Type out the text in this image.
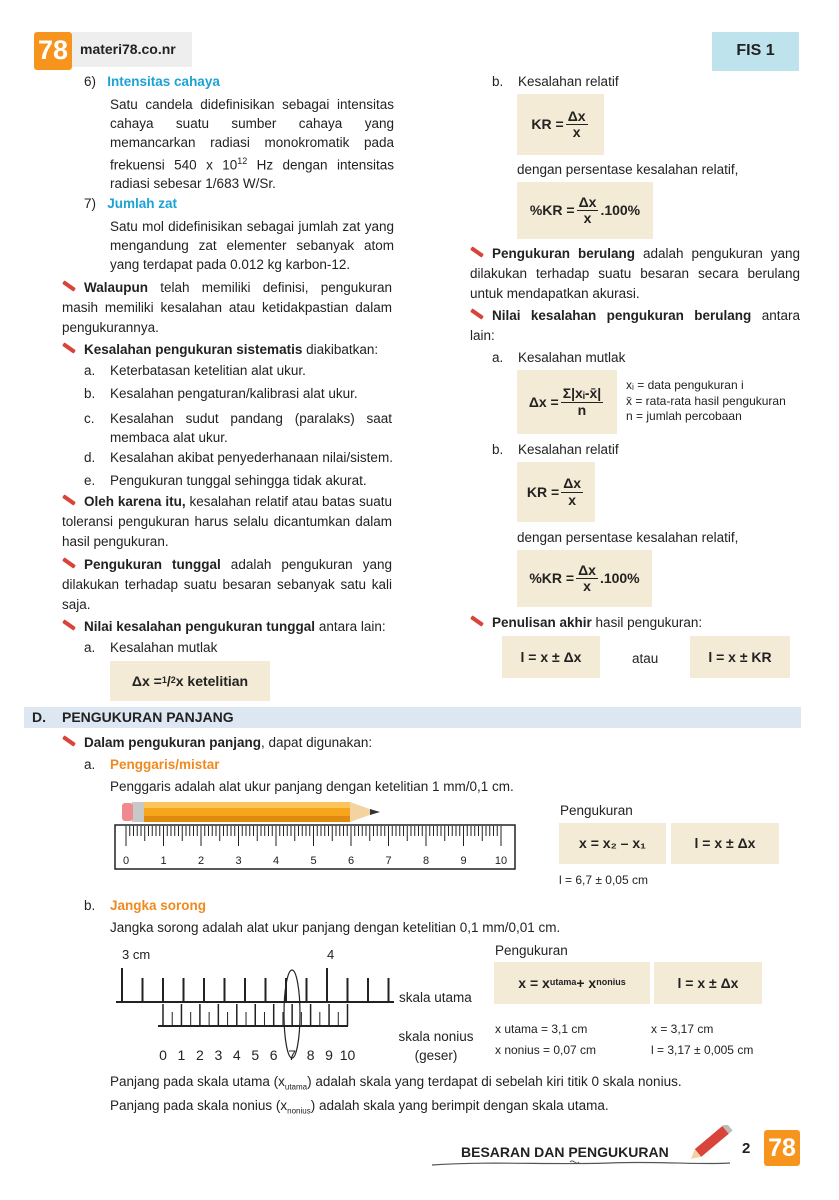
78 materi78.co.nr	FIS 1
6) Intensitas cahaya
Satu candela didefinisikan sebagai intensitas cahaya suatu sumber cahaya yang memancarkan radiasi monokromatik pada frekuensi 540 x $10^{12}$ Hz dengan intensitas radiasi sebesar 1/683 W/Sr.
7) Jumlah zat
Satu mol didefinisikan sebagai jumlah zat yang mengandung zat elementer sebanyak atom yang terdapat pada 0.012 kg karbon-12.
Walaupun telah memiliki definisi, pengukuran masih memiliki kesalahan atau ketidakpastian dalam pengukurannya.
Kesalahan pengukuran sistematis diakibatkan:
a.	Keterbatasan ketelitian alat ukur.
b.	Kesalahan pengaturan/kalibrasi alat ukur.
c.	Kesalahan sudut pandang (paralaks) saat membaca alat ukur.
d.	Kesalahan akibat penyederhanaan nilai/sistem.
e.	Pengukuran tunggal sehingga tidak akurat.
Oleh karena itu, kesalahan relatif atau batas suatu toleransi pengukuran harus selalu dicantumkan dalam hasil pengukuran.
Pengukuran tunggal adalah pengukuran yang dilakukan terhadap suatu besaran sebanyak satu kali saja.
Nilai kesalahan pengukuran tunggal antara lain:
a.	Kesalahan mutlak
Δx = 1 / 2 x ketelitian
b.	Kesalahan relatif
KR = $\frac{\Delta x}{x}$
dengan persentase kesalahan relatif,
$\%KR = \frac{\Delta x}{x} .100\%$
Pengukuran berulang adalah pengukuran yang dilakukan terhadap suatu besaran secara berulang untuk mendapatkan akurasi.
Nilai kesalahan pengukuran berulang antara lain:
a.	Kesalahan mutlak
$\Delta x = \frac{\text{Σ|xᵢ-x̄|}}{n}$
xᵢ = data pengukuran i
x̄ = rata-rata hasil pengukuran
n = jumlah percobaan
b.	Kesalahan relatif
KR = $\frac{\Delta x}{x}$
dengan persentase kesalahan relatif,
$\%KR = \frac{\Delta x}{x} .100\%$
Penulisan akhir hasil pengukuran:
l = x ± Δx	atau	l = x ± KR
D. PENGUKURAN PANJANG
Dalam pengukuran panjang, dapat digunakan:
a.	Penggaris/mistar
Penggaris adalah alat ukur panjang dengan ketelitian 1 mm/0,1 cm.
0	1	2	3	4	5	6	7	8	9	10
Pengukuran
x = x₂ – x₁	l = x ± Δx
l = 6,7 ± 0,05 cm
b.	Jangka sorong
Jangka sorong adalah alat ukur panjang dengan ketelitian 0,1 mm/0,01 cm.
3 cm	4
0 1 2 3 4 5 6 7 8 9 10
skala utama
skala nonius
(geser)
Pengukuran
x = x utama + x nonius	l = x ± Δx
x utama = 3,1 cm
x nonius = 0,07 cm
x = 3,17 cm
l = 3,17 ± 0,005 cm
Panjang pada skala utama $(x_{utama})$ adalah skala yang terdapat di sebelah kiri titik 0 skala nonius.
Panjang pada skala nonius $(x_{nonius})$ adalah skala yang berimpit dengan skala utama.
BESARAN DAN PENGUKURAN	2 78
